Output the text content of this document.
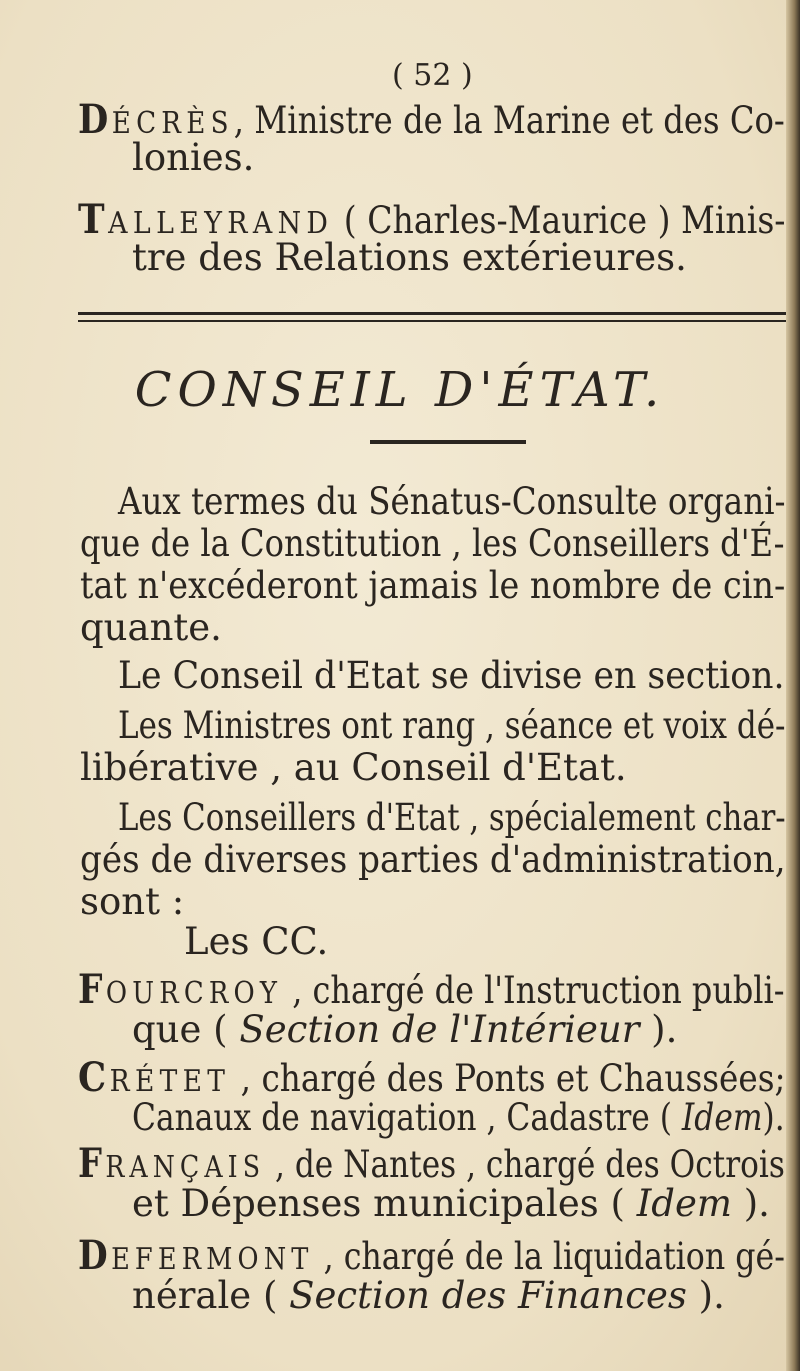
( 52 )
DÉCRÈS, Ministre de la Marine et des Co-
lonies.
TALLEYRAND ( Charles-Maurice ) Minis-
tre des Relations extérieures.
CONSEIL D'ÉTAT.
Aux termes du Sénatus-Consulte organi-
que de la Constitution , les Conseillers d'É-
tat n'excéderont jamais le nombre de cin-
quante.
Le Conseil d'Etat se divise en section.
Les Ministres ont rang , séance et voix dé-
libérative , au Conseil d'Etat.
Les Conseillers d'Etat , spécialement char-
gés de diverses parties d'administration,
sont :
Les CC.
FOURCROY , chargé de l'Instruction publi-
que ( Section de l'Intérieur ).
CRÉTET , chargé des Ponts et Chaussées;
Canaux de navigation , Cadastre ( Idem).
FRANÇAIS , de Nantes , chargé des Octrois
et Dépenses municipales ( Idem ).
DEFERMONT , chargé de la liquidation gé-
nérale ( Section des Finances ).
